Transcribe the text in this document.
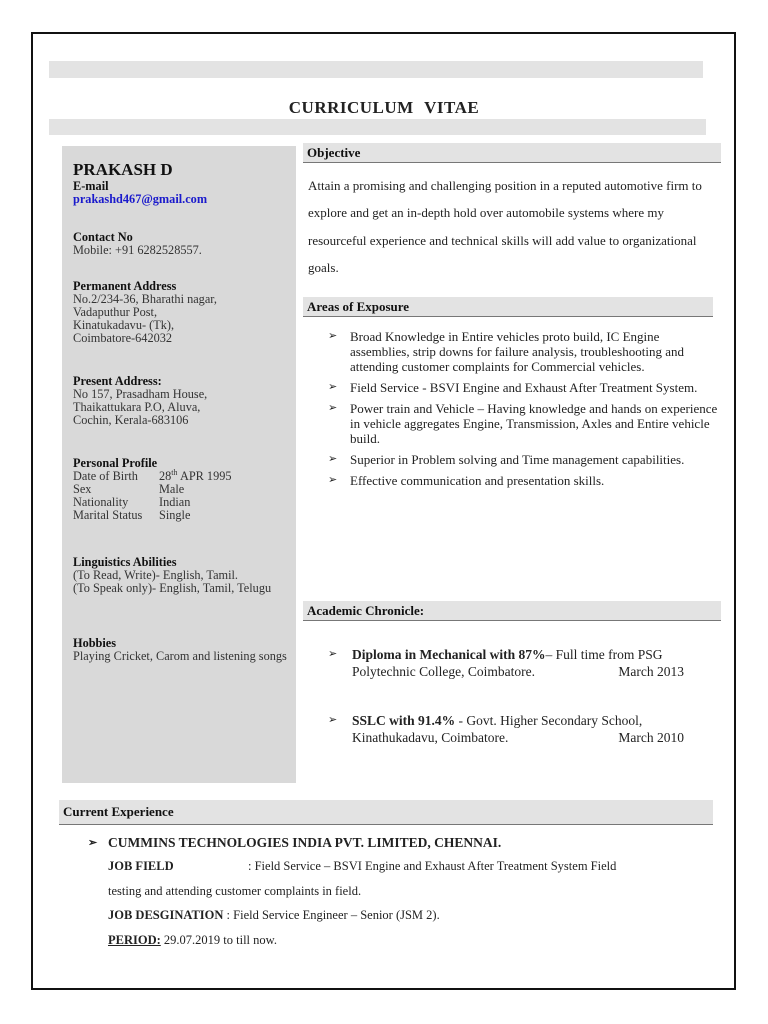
CURRICULUM VITAE
PRAKASH D
E-mail
prakashd467@gmail.com
Contact No
Mobile: +91 6282528557.
Permanent Address
No.2/234-36, Bharathi nagar,
Vadaputhur Post,
Kinatukadavu- (Tk),
Coimbatore-642032
Present Address:
No 157, Prasadham House,
Thaikattukara P.O, Aluva,
Cochin, Kerala-683106
Personal Profile
Date of Birth	28th APR 1995
Sex	Male
Nationality	Indian
Marital Status	Single
Linguistics Abilities
(To Read, Write)- English, Tamil.
(To Speak only)- English, Tamil, Telugu
Hobbies
Playing Cricket, Carom and listening songs
Objective
Attain a promising and challenging position in a reputed automotive firm to explore and get an in-depth hold over automobile systems where my resourceful experience and technical skills will add value to organizational goals.
Areas of Exposure
➢ Broad Knowledge in Entire vehicles proto build, IC Engine assemblies, strip downs for failure analysis, troubleshooting and attending customer complaints for Commercial vehicles.
➢ Field Service - BSVI Engine and Exhaust After Treatment System.
➢ Power train and Vehicle – Having knowledge and hands on experience in vehicle aggregates Engine, Transmission, Axles and Entire vehicle build.
➢ Superior in Problem solving and Time management capabilities.
➢ Effective communication and presentation skills.
Academic Chronicle:
➢ Diploma in Mechanical with 87%– Full time from PSG
Polytechnic College, Coimbatore.	March 2013
➢ SSLC with 91.4% - Govt. Higher Secondary School,
Kinathukadavu, Coimbatore.	March 2010
Current Experience
➢ CUMMINS TECHNOLOGIES INDIA PVT. LIMITED, CHENNAI.
JOB FIELD	: Field Service – BSVI Engine and Exhaust After Treatment System Field
testing and attending customer complaints in field.
JOB DESGINATION : Field Service Engineer – Senior (JSM 2).
PERIOD: 29.07.2019 to till now.
